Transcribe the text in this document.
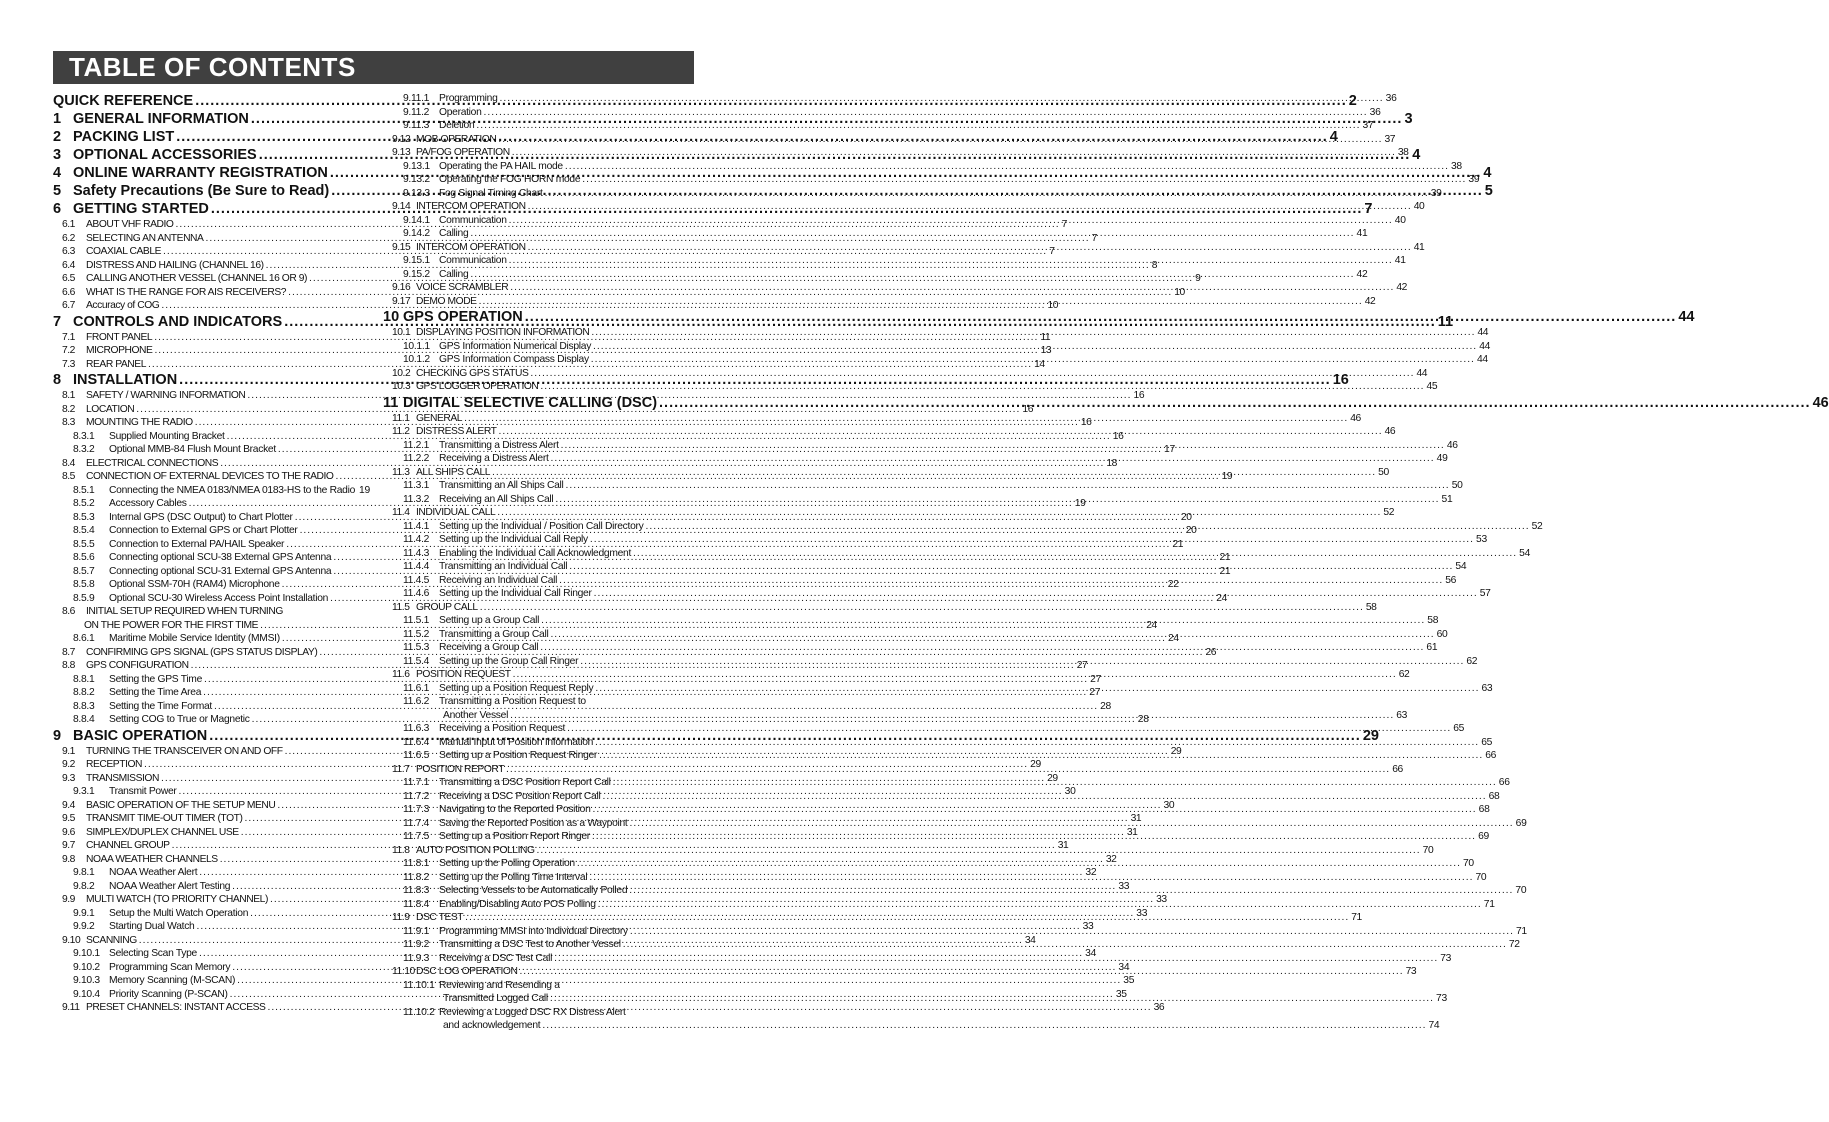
TABLE OF CONTENTS
QUICK REFERENCE .....	2
1 GENERAL INFORMATION .....	3
2 PACKING LIST .....	4
3 OPTIONAL ACCESSORIES .....	4
4 ONLINE WARRANTY REGISTRATION .....	4
5 Safety Precautions (Be Sure to Read) .....	5
6 GETTING STARTED .....	7
6.1 ABOUT VHF RADIO .....	7
6.2 SELECTING AN ANTENNA .....	7
6.3 COAXIAL CABLE .....	7
6.4 DISTRESS AND HAILING (CHANNEL 16) .....	8
6.5 CALLING ANOTHER VESSEL (CHANNEL 16 OR 9) .....	9
6.6 WHAT IS THE RANGE FOR AIS RECEIVERS? .....	10
6.7 Accuracy of COG .....	10
7 CONTROLS AND INDICATORS .....	11
7.1 FRONT PANEL .....	11
7.2 MICROPHONE .....	13
7.3 REAR PANEL .....	14
8 INSTALLATION .....	16
8.1 SAFETY / WARNING INFORMATION .....	16
8.2 LOCATION .....	16
8.3 MOUNTING THE RADIO .....	16
8.3.1 Supplied Mounting Bracket .....	16
8.3.2 Optional MMB-84 Flush Mount Bracket .....	17
8.4 ELECTRICAL CONNECTIONS .....	18
8.5 CONNECTION OF EXTERNAL DEVICES TO THE RADIO .....	19
8.5.1 Connecting the NMEA 0183/NMEA 0183-HS to the Radio 19
8.5.2 Accessory Cables .....	19
8.5.3 Internal GPS (DSC Output) to Chart Plotter .....	20
8.5.4 Connection to External GPS or Chart Plotter .....	20
8.5.5 Connection to External PA/HAIL Speaker .....	21
8.5.6 Connecting optional SCU-38 External GPS Antenna .....	21
8.5.7 Connecting optional SCU-31 External GPS Antenna .....	21
8.5.8 Optional SSM-70H (RAM4) Microphone .....	22
8.5.9 Optional SCU-30 Wireless Access Point Installation .....	24
8.6 INITIAL SETUP REQUIRED WHEN TURNING
ON THE POWER FOR THE FIRST TIME .....	24
8.6.1 Maritime Mobile Service Identity (MMSI) .....	24
8.7 CONFIRMING GPS SIGNAL (GPS STATUS DISPLAY) .....	26
8.8 GPS CONFIGURATION .....	27
8.8.1 Setting the GPS Time .....	27
8.8.2 Setting the Time Area .....	27
8.8.3 Setting the Time Format .....	28
8.8.4 Setting COG to True or Magnetic .....	28
9 BASIC OPERATION .....	29
9.1 TURNING THE TRANSCEIVER ON AND OFF .....	29
9.2 RECEPTION .....	29
9.3 TRANSMISSION .....	29
9.3.1 Transmit Power .....	30
9.4 BASIC OPERATION OF THE SETUP MENU .....	30
9.5 TRANSMIT TIME-OUT TIMER (TOT) .....	31
9.6 SIMPLEX/DUPLEX CHANNEL USE .....	31
9.7 CHANNEL GROUP .....	31
9.8 NOAA WEATHER CHANNELS .....	32
9.8.1 NOAA Weather Alert .....	32
9.8.2 NOAA Weather Alert Testing .....	33
9.9 MULTI WATCH (TO PRIORITY CHANNEL) .....	33
9.9.1 Setup the Multi Watch Operation .....	33
9.9.2 Starting Dual Watch .....	33
9.10 SCANNING .....	34
9.10.1 Selecting Scan Type .....	34
9.10.2 Programming Scan Memory .....	34
9.10.3 Memory Scanning (M-SCAN) .....	35
9.10.4 Priority Scanning (P-SCAN) .....	35
9.11 PRESET CHANNELS: INSTANT ACCESS .....	36
9.11.1 Programming .....	36
9.11.2 Operation .....	36
9.11.3 Deletion .....	37
9.12 MOB OPERATION .....	37
9.13 PA/FOG OPERATION .....	38
9.13.1 Operating the PA HAIL mode .....	38
9.13.2 Operating the FOG HORN mode .....	39
9.13.3 Fog Signal Timing Chart .....	39
9.14 INTERCOM OPERATION .....	40
9.14.1 Communication .....	40
9.14.2 Calling .....	41
9.15 INTERCOM OPERATION .....	41
9.15.1 Communication .....	41
9.15.2 Calling .....	42
9.16 VOICE SCRAMBLER .....	42
9.17 DEMO MODE .....	42
10 GPS OPERATION .....	44
10.1 DISPLAYING POSITION INFORMATION .....	44
10.1.1 GPS Information Numerical Display .....	44
10.1.2 GPS Information Compass Display .....	44
10.2 CHECKING GPS STATUS .....	44
10.3 GPS LOGGER OPERATION .....	45
11 DIGITAL SELECTIVE CALLING (DSC) .....	46
11.1 GENERAL .....	46
11.2 DISTRESS ALERT .....	46
11.2.1 Transmitting a Distress Alert .....	46
11.2.2 Receiving a Distress Alert .....	49
11.3 ALL SHIPS CALL .....	50
11.3.1 Transmitting an All Ships Call .....	50
11.3.2 Receiving an All Ships Call .....	51
11.4 INDIVIDUAL CALL .....	52
11.4.1 Setting up the Individual / Position Call Directory .....	52
11.4.2 Setting up the Individual Call Reply .....	53
11.4.3 Enabling the Individual Call Acknowledgment .....	54
11.4.4 Transmitting an Individual Call .....	54
11.4.5 Receiving an Individual Call .....	56
11.4.6 Setting up the Individual Call Ringer .....	57
11.5 GROUP CALL .....	58
11.5.1 Setting up a Group Call .....	58
11.5.2 Transmitting a Group Call .....	60
11.5.3 Receiving a Group Call .....	61
11.5.4 Setting up the Group Call Ringer .....	62
11.6 POSITION REQUEST .....	62
11.6.1 Setting up a Position Request Reply .....	63
11.6.2 Transmitting a Position Request to
Another Vessel .....	63
11.6.3 Receiving a Position Request .....	65
11.6.4 Manual Input of Position Information .....	65
11.6.5 Setting up a Position Request Ringer .....	66
11.7 POSITION REPORT .....	66
11.7.1 Transmitting a DSC Position Report Call .....	66
11.7.2 Receiving a DSC Position Report Call .....	68
11.7.3 Navigating to the Reported Position .....	68
11.7.4 Saving the Reported Position as a Waypoint .....	69
11.7.5 Setting up a Position Report Ringer .....	69
11.8 AUTO POSITION POLLING .....	70
11.8.1 Setting up the Polling Operation .....	70
11.8.2 Setting up the Polling Time Interval .....	70
11.8.3 Selecting Vessels to be Automatically Polled .....	70
11.8.4 Enabling/Disabling Auto POS Polling .....	71
11.9 DSC TEST .....	71
11.9.1 Programming MMSI into Individual Directory .....	71
11.9.2 Transmitting a DSC Test to Another Vessel .....	72
11.9.3 Receiving a DSC Test Call .....	73
11.10DSC LOG OPERATION .....	73
11.10.1 Reviewing and Resending a
Transmitted Logged Call .....	73
11.10.2 Reviewing a Logged DSC RX Distress Alert
and acknowledgement .....	74
